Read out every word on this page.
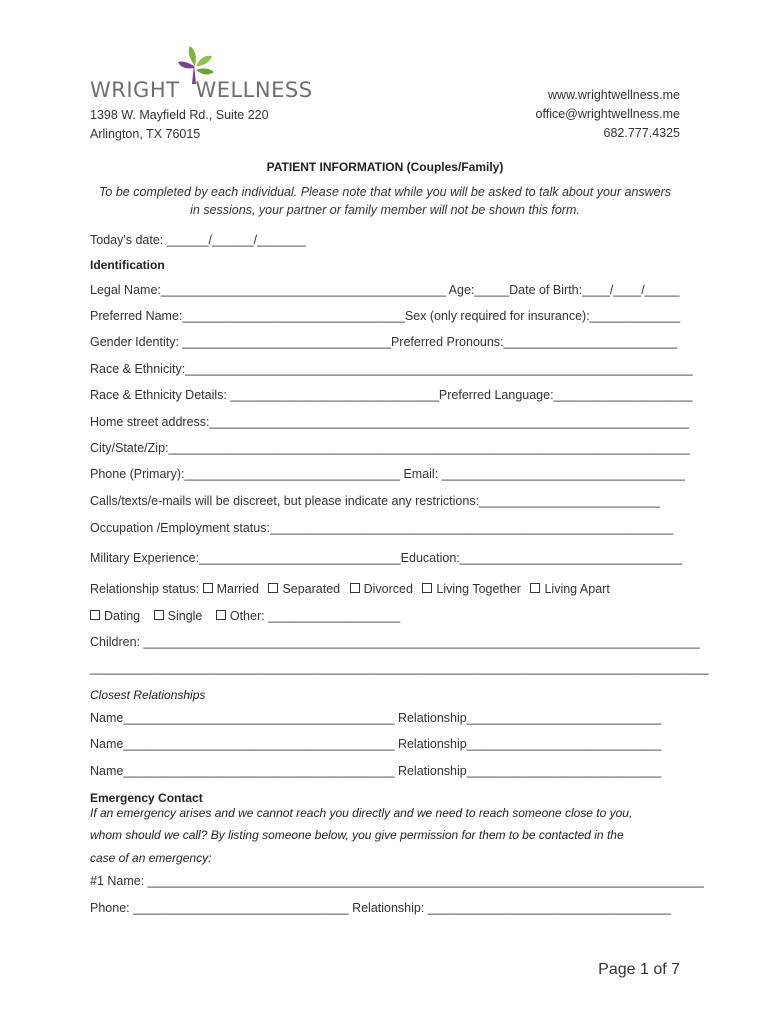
WRIGHT WELLNESS
1398 W. Mayfield Rd., Suite 220
Arlington, TX 76015
www.wrightwellness.me
office@wrightwellness.me
682.777.4325
PATIENT INFORMATION (Couples/Family)
To be completed by each individual. Please note that while you will be asked to talk about your answers
in sessions, your partner or family member will not be shown this form.
Today's date: ______/______/_______
Identification
Legal Name:_________________________________________ Age:_____Date of Birth:____/____/_____
Preferred Name:________________________________Sex (only required for insurance):_____________
Gender Identity: ______________________________Preferred Pronouns:_________________________
Race & Ethnicity:_________________________________________________________________________
Race & Ethnicity Details: ______________________________Preferred Language:____________________
Home street address:_____________________________________________________________________
City/State/Zip:___________________________________________________________________________
Phone (Primary):_______________________________ Email: ___________________________________
Calls/texts/e-mails will be discreet, but please indicate any restrictions:__________________________
Occupation /Employment status:__________________________________________________________
Military Experience:_____________________________Education:________________________________
Relationship status: Married Separated Divorced Living Together Living Apart
Dating Single Other: ___________________
Children: ________________________________________________________________________________
_________________________________________________________________________________________
Closest Relationships
Name_______________________________________ Relationship____________________________
Name_______________________________________ Relationship____________________________
Name_______________________________________ Relationship____________________________
Emergency Contact
If an emergency arises and we cannot reach you directly and we need to reach someone close to you,
whom should we call? By listing someone below, you give permission for them to be contacted in the
case of an emergency:
#1 Name: ________________________________________________________________________________
Phone: _______________________________ Relationship: ___________________________________
Page 1 of 7
